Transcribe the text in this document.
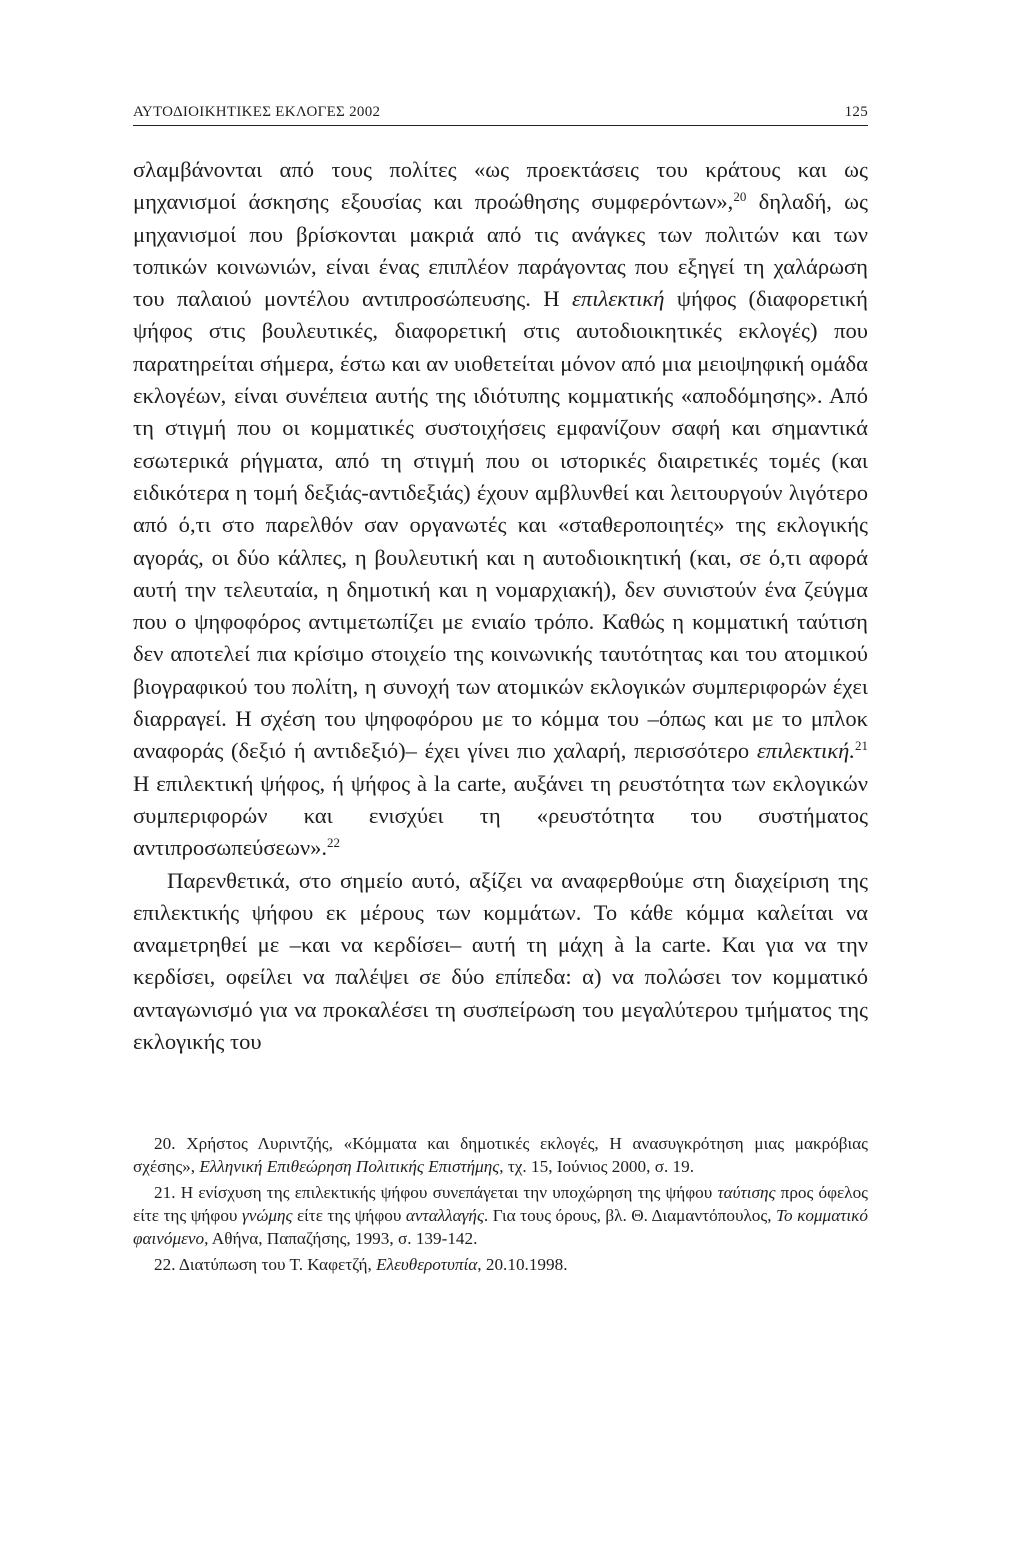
ΑΥΤΟΔΙΟΙΚΗΤΙΚΕΣ ΕΚΛΟΓΕΣ 2002	125

σλαμβάνονται από τους πολίτες «ως προεκτάσεις του κράτους και ως μηχανισμοί άσκησης εξουσίας και προώθησης συμφερόντων»,$^{20}$ δηλαδή, ως μηχανισμοί που βρίσκονται μακριά από τις ανάγκες των πολιτών και των τοπικών κοινωνιών, είναι ένας επιπλέον παράγοντας που εξηγεί τη χαλάρωση του παλαιού μοντέλου αντιπροσώπευσης. Η επιλεκτική ψήφος (διαφορετική ψήφος στις βουλευτικές, διαφορετική στις αυτοδιοικητικές εκλογές) που παρατηρείται σήμερα, έστω και αν υιοθετείται μόνον από μια μειοψηφική ομάδα εκλογέων, είναι συνέπεια αυτής της ιδιότυπης κομματικής «αποδόμησης». Από τη στιγμή που οι κομματικές συστοιχήσεις εμφανίζουν σαφή και σημαντικά εσωτερικά ρήγματα, από τη στιγμή που οι ιστορικές διαιρετικές τομές (και ειδικότερα η τομή δεξιάς-αντιδεξιάς) έχουν αμβλυνθεί και λειτουργούν λιγότερο από ό,τι στο παρελθόν σαν οργανωτές και «σταθεροποιητές» της εκλογικής αγοράς, οι δύο κάλπες, η βουλευτική και η αυτοδιοικητική (και, σε ό,τι αφορά αυτή την τελευταία, η δημοτική και η νομαρχιακή), δεν συνιστούν ένα ζεύγμα που ο ψηφοφόρος αντιμετωπίζει με ενιαίο τρόπο. Καθώς η κομματική ταύτιση δεν αποτελεί πια κρίσιμο στοιχείο της κοινωνικής ταυτότητας και του ατομικού βιογραφικού του πολίτη, η συνοχή των ατομικών εκλογικών συμπεριφορών έχει διαρραγεί. Η σχέση του ψηφοφόρου με το κόμμα του –όπως και με το μπλοκ αναφοράς (δεξιό ή αντιδεξιό)– έχει γίνει πιο χαλαρή, περισσότερο επιλεκτική.$^{21}$ Η επιλεκτική ψήφος, ή ψήφος à la carte, αυξάνει τη ρευστότητα των εκλογικών συμπεριφορών και ενισχύει τη «ρευστότητα του συστήματος αντιπροσωπεύσεων».$^{22}$

Παρενθετικά, στο σημείο αυτό, αξίζει να αναφερθούμε στη διαχείριση της επιλεκτικής ψήφου εκ μέρους των κομμάτων. Το κάθε κόμμα καλείται να αναμετρηθεί με –και να κερδίσει– αυτή τη μάχη à la carte. Και για να την κερδίσει, οφείλει να παλέψει σε δύο επίπεδα: α) να πολώσει τον κομματικό ανταγωνισμό για να προκαλέσει τη συσπείρωση του μεγαλύτερου τμήματος της εκλογικής του

20. Χρήστος Λυριντζής, «Κόμματα και δημοτικές εκλογές, Η ανασυγκρότηση μιας μακρόβιας σχέσης», Ελληνική Επιθεώρηση Πολιτικής Επιστήμης, τχ. 15, Ιούνιος 2000, σ. 19.

21. Η ενίσχυση της επιλεκτικής ψήφου συνεπάγεται την υποχώρηση της ψήφου ταύτισης προς όφελος είτε της ψήφου γνώμης είτε της ψήφου ανταλλαγής. Για τους όρους, βλ. Θ. Διαμαντόπουλος, Το κομματικό φαινόμενο, Αθήνα, Παπαζήσης, 1993, σ. 139-142.

22. Διατύπωση του Τ. Καφετζή, Ελευθεροτυπία, 20.10.1998.
